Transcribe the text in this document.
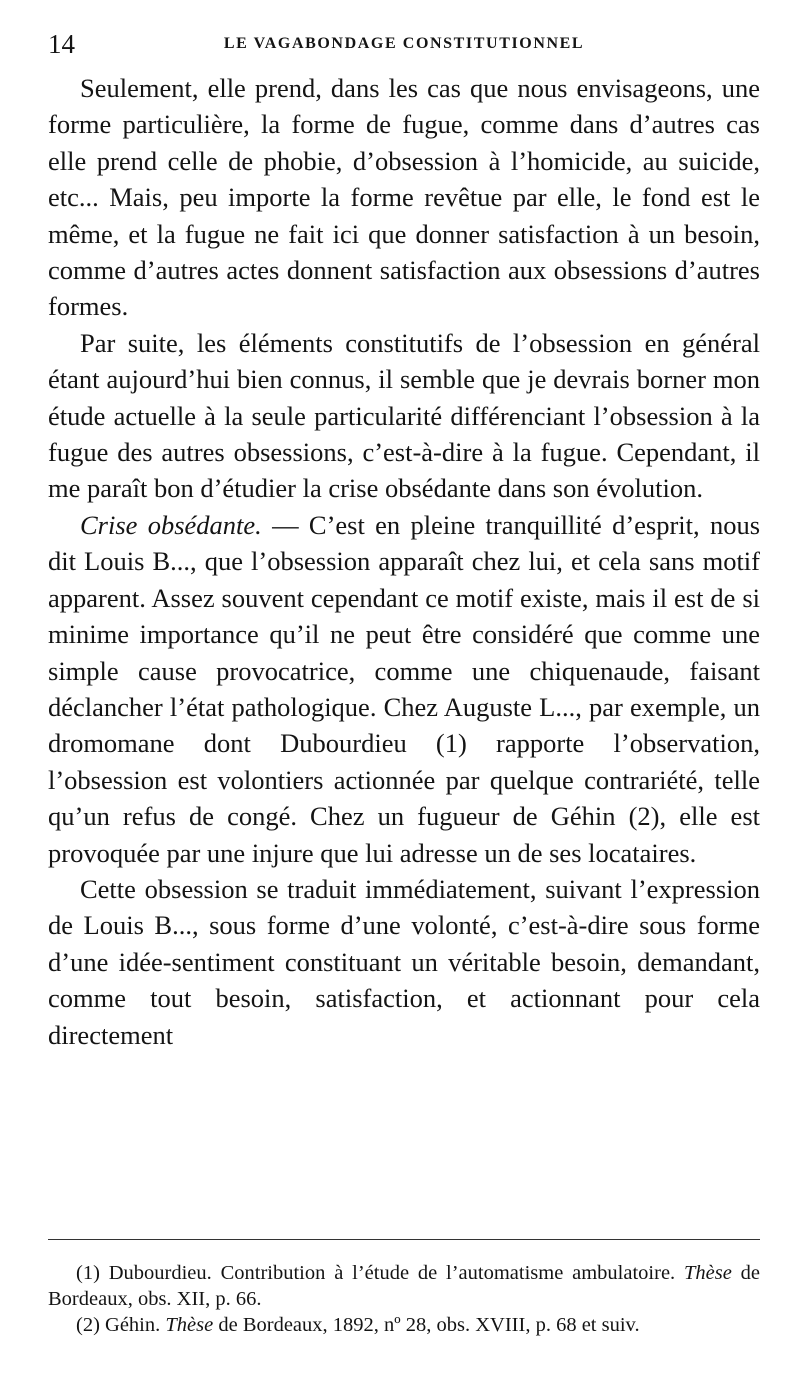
14	LE VAGABONDAGE CONSTITUTIONNEL

Seulement, elle prend, dans les cas que nous envisageons, une forme particulière, la forme de fugue, comme dans d’autres cas elle prend celle de phobie, d’obsession à l’homicide, au suicide, etc... Mais, peu importe la forme revêtue par elle, le fond est le même, et la fugue ne fait ici que donner satisfaction à un besoin, comme d’autres actes donnent satisfaction aux obsessions d’autres formes.

Par suite, les éléments constitutifs de l’obsession en général étant aujourd’hui bien connus, il semble que je devrais borner mon étude actuelle à la seule particularité différenciant l’obsession à la fugue des autres obsessions, c’est-à-dire à la fugue. Cependant, il me paraît bon d’étudier la crise obsédante dans son évolution.

Crise obsédante. — C’est en pleine tranquillité d’esprit, nous dit Louis B..., que l’obsession apparaît chez lui, et cela sans motif apparent. Assez souvent cependant ce motif existe, mais il est de si minime importance qu’il ne peut être considéré que comme une simple cause provocatrice, comme une chiquenaude, faisant déclancher l’état pathologique. Chez Auguste L..., par exemple, un dromomane dont Dubourdieu (1) rapporte l’observation, l’obsession est volontiers actionnée par quelque contrariété, telle qu’un refus de congé. Chez un fugueur de Géhin (2), elle est provoquée par une injure que lui adresse un de ses locataires.

Cette obsession se traduit immédiatement, suivant l’expression de Louis B..., sous forme d’une volonté, c’est-à-dire sous forme d’une idée-sentiment constituant un véritable besoin, demandant, comme tout besoin, satisfaction, et actionnant pour cela directement

(1) Dubourdieu. Contribution à l’étude de l’automatisme ambulatoire. Thèse de Bordeaux, obs. XII, p. 66.

(2) Géhin. Thèse de Bordeaux, 1892, nº 28, obs. XVIII, p. 68 et suiv.
